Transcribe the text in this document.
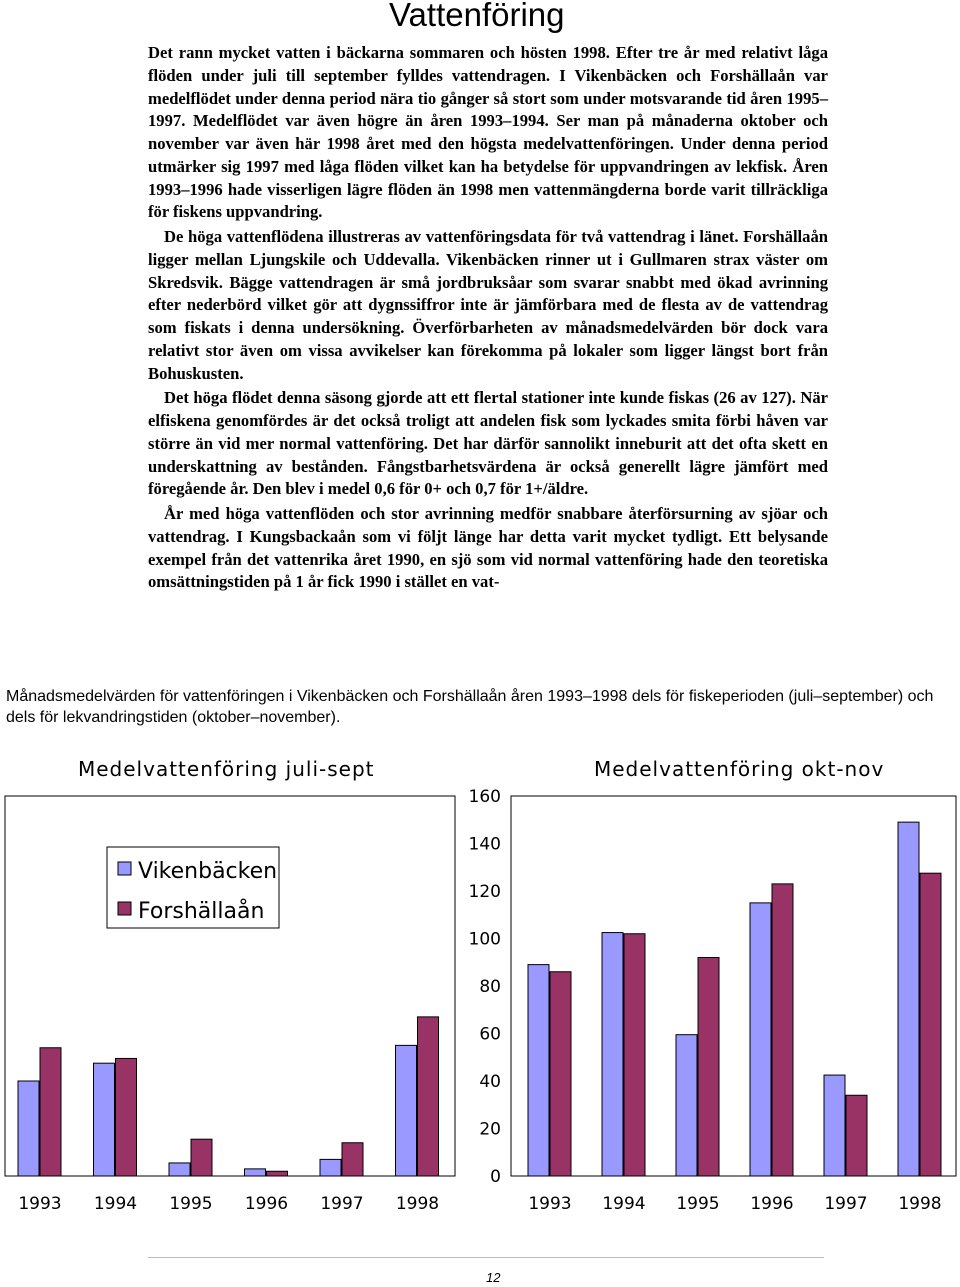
Vattenföring

Det rann mycket vatten i bäckarna sommaren och hösten 1998. Efter tre år med relativt låga flöden under juli till september fylldes vattendragen. I Vikenbäcken och Forshällaån var medelflödet under denna period nära tio gånger så stort som under motsvarande tid åren 1995–1997. Medelflödet var även högre än åren 1993–1994. Ser man på månaderna oktober och november var även här 1998 året med den högsta medelvattenföringen. Under denna period utmärker sig 1997 med låga flöden vilket kan ha betydelse för uppvandringen av lekfisk. Åren 1993–1996 hade visserligen lägre flöden än 1998 men vattenmängderna borde varit tillräckliga för fiskens uppvandring.

De höga vattenflödena illustreras av vattenföringsdata för två vattendrag i länet. Forshällaån ligger mellan Ljungskile och Uddevalla. Vikenbäcken rinner ut i Gullmaren strax väster om Skredsvik. Bägge vattendragen är små jordbruksåar som svarar snabbt med ökad avrinning efter nederbörd vilket gör att dygnssiffror inte är jämförbara med de flesta av de vattendrag som fiskats i denna undersökning. Överförbarheten av månadsmedelvärden bör dock vara relativt stor även om vissa avvikelser kan förekomma på lokaler som ligger längst bort från Bohuskusten.

Det höga flödet denna säsong gjorde att ett flertal stationer inte kunde fiskas (26 av 127). När elfiskena genomfördes är det också troligt att andelen fisk som lyckades smita förbi håven var större än vid mer normal vattenföring. Det har därför sannolikt inneburit att det ofta skett en underskattning av bestånden. Fångstbarhetsvärdena är också generellt lägre jämfört med föregående år. Den blev i medel 0,6 för 0+ och 0,7 för 1+/äldre.

År med höga vattenflöden och stor avrinning medför snabbare återförsurning av sjöar och vattendrag. I Kungsbackaån som vi följt länge har detta varit mycket tydligt. Ett belysande exempel från det vattenrika året 1990, en sjö som vid normal vattenföring hade den teoretiska omsättningstiden på 1 år fick 1990 i stället en vat-

Månadsmedelvärden för vattenföringen i Vikenbäcken och Forshällaån åren 1993–1998 dels för fiskeperioden (juli–september) och dels för lekvandringstiden (oktober–november).
Medelvattenföring juli-sept	Medelvattenföring okt-nov
1993 1994 1995 1996 1997 1998	1993 1994 1995 1996 1997 1998
160
140
120
100
80
60
40
20
0
Vikenbäcken
Forshällaån
12
